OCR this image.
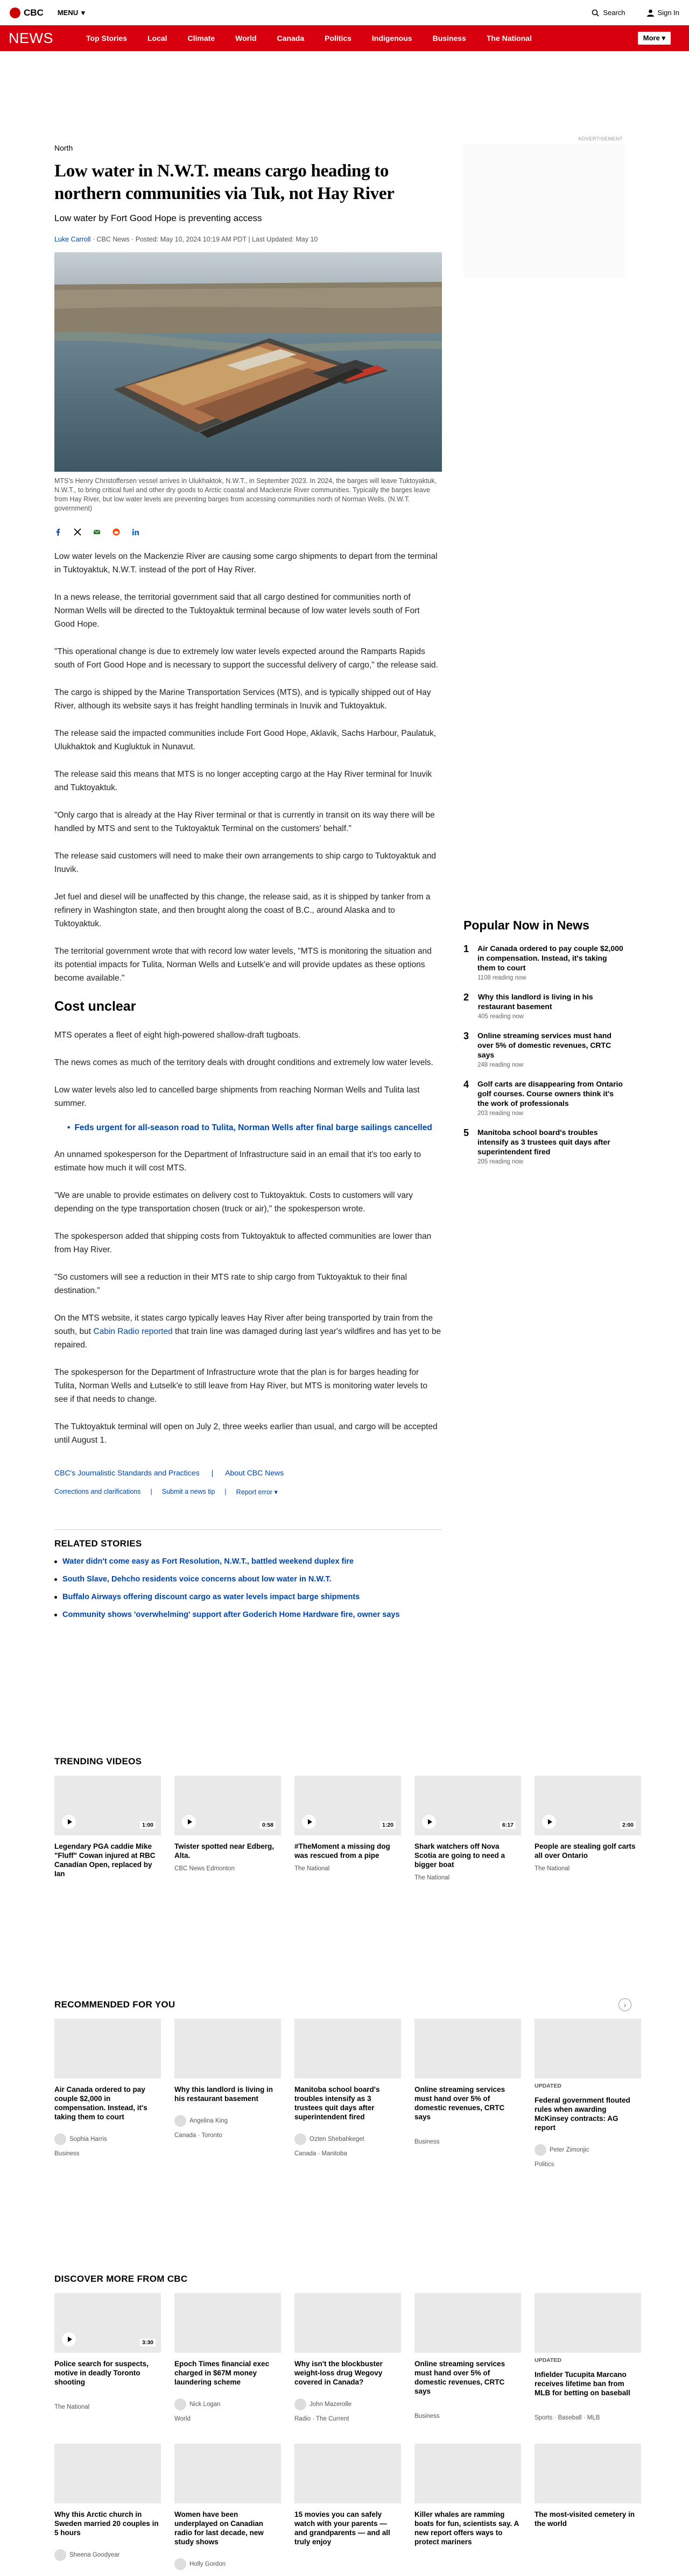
CBC MENU ▾	Search	Sign In
NEWS	Top Stories	Local	Climate	World	Canada	Politics	Indigenous	Business	The National	More ▾
North
Low water in N.W.T. means cargo heading to northern communities via Tuk, not Hay River
Low water by Fort Good Hope is preventing access
Luke Carroll · CBC News · Posted: May 10, 2024 10:19 AM PDT | Last Updated: May 10
MTS's Henry Christoffersen vessel arrives in Ulukhaktok, N.W.T., in September 2023. In 2024, the barges will leave Tuktoyaktuk, N.W.T., to bring critical fuel and other dry goods to Arctic coastal and Mackenzie River communities. Typically the barges leave from Hay River, but low water levels are preventing barges from accessing communities north of Norman Wells. (N.W.T. government)

Low water levels on the Mackenzie River are causing some cargo shipments to depart from the terminal in Tuktoyaktuk, N.W.T. instead of the port of Hay River.

In a news release, the territorial government said that all cargo destined for communities north of Norman Wells will be directed to the Tuktoyaktuk terminal because of low water levels south of Fort Good Hope.

"This operational change is due to extremely low water levels expected around the Ramparts Rapids south of Fort Good Hope and is necessary to support the successful delivery of cargo," the release said.

The cargo is shipped by the Marine Transportation Services (MTS), and is typically shipped out of Hay River, although its website says it has freight handling terminals in Inuvik and Tuktoyaktuk.

The release said the impacted communities include Fort Good Hope, Aklavik, Sachs Harbour, Paulatuk, Ulukhaktok and Kugluktuk in Nunavut.

The release said this means that MTS is no longer accepting cargo at the Hay River terminal for Inuvik and Tuktoyaktuk.

"Only cargo that is already at the Hay River terminal or that is currently in transit on its way there will be handled by MTS and sent to the Tuktoyaktuk Terminal on the customers' behalf."

The release said customers will need to make their own arrangements to ship cargo to Tuktoyaktuk and Inuvik.

Jet fuel and diesel will be unaffected by this change, the release said, as it is shipped by tanker from a refinery in Washington state, and then brought along the coast of B.C., around Alaska and to Tuktoyaktuk.

The territorial government wrote that with record low water levels, "MTS is monitoring the situation and its potential impacts for Tulita, Norman Wells and Łutselk'e and will provide updates as these options become available."

Cost unclear

MTS operates a fleet of eight high-powered shallow-draft tugboats.

The news comes as much of the territory deals with drought conditions and extremely low water levels.

Low water levels also led to cancelled barge shipments from reaching Norman Wells and Tulita last summer.

• Feds urgent for all-season road to Tulita, Norman Wells after final barge sailings cancelled

An unnamed spokesperson for the Department of Infrastructure said in an email that it's too early to estimate how much it will cost MTS.

"We are unable to provide estimates on delivery cost to Tuktoyaktuk. Costs to customers will vary depending on the type transportation chosen (truck or air)," the spokesperson wrote.

The spokesperson added that shipping costs from Tuktoyaktuk to affected communities are lower than from Hay River.

"So customers will see a reduction in their MTS rate to ship cargo from Tuktoyaktuk to their final destination."

On the MTS website, it states cargo typically leaves Hay River after being transported by train from the south, but Cabin Radio reported that train line was damaged during last year's wildfires and has yet to be repaired.

The spokesperson for the Department of Infrastructure wrote that the plan is for barges heading for Tulita, Norman Wells and Łutselk'e to still leave from Hay River, but MTS is monitoring water levels to see if that needs to change.

The Tuktoyaktuk terminal will open on July 2, three weeks earlier than usual, and cargo will be accepted until August 1.

CBC's Journalistic Standards and Practices | About CBC News
Corrections and clarifications | Submit a news tip | Report error ▾
RELATED STORIES
Water didn't come easy as Fort Resolution, N.W.T., battled weekend duplex fire
South Slave, Dehcho residents voice concerns about low water in N.W.T.
Buffalo Airways offering discount cargo as water levels impact barge shipments
Community shows 'overwhelming' support after Goderich Home Hardware fire, owner says
ADVERTISEMENT
Popular Now in News
1 Air Canada ordered to pay couple $2,000 in compensation. Instead, it's taking them to court
1108 reading now
2 Why this landlord is living in his restaurant basement
405 reading now
3 Online streaming services must hand over 5% of domestic revenues, CRTC says
248 reading now
4 Golf carts are disappearing from Ontario golf courses. Course owners think it's the work of professionals
203 reading now
5 Manitoba school board's troubles intensify as 3 trustees quit days after superintendent fired
205 reading now
TRENDING VIDEOS
1:00
Legendary PGA caddie Mike "Fluff" Cowan injured at RBC Canadian Open, replaced by Ian
0:58
Twister spotted near Edberg, Alta.
CBC News Edmonton
1:20
#TheMoment a missing dog was rescued from a pipe
The National
6:17
Shark watchers off Nova Scotia are going to need a bigger boat
The National
2:00
People are stealing golf carts all over Ontario
The National
RECOMMENDED FOR YOU	›
Air Canada ordered to pay couple $2,000 in compensation. Instead, it's taking them to court
Sophia Harris
Business
Why this landlord is living in his restaurant basement
Angelina King
Canada · Toronto
Manitoba school board's troubles intensify as 3 trustees quit days after superintendent fired
Ozten Shebahkeget
Canada · Manitoba
Online streaming services must hand over 5% of domestic revenues, CRTC says
Business
UPDATED
Federal government flouted rules when awarding McKinsey contracts: AG report
Peter Zimonjic
Politics
DISCOVER MORE FROM CBC
3:30
Police search for suspects, motive in deadly Toronto shooting
The National
Epoch Times financial exec charged in $67M money laundering scheme
Nick Logan
World
Why isn't the blockbuster weight-loss drug Wegovy covered in Canada?
John Mazerolle
Radio · The Current
Online streaming services must hand over 5% of domestic revenues, CRTC says
Business
UPDATED
Infielder Tucupita Marcano receives lifetime ban from MLB for betting on baseball
Sports · Baseball · MLB
Why this Arctic church in Sweden married 20 couples in 5 hours
Sheena Goodyear
Women have been underplayed on Canadian radio for last decade, new study shows
Holly Gordon
15 movies you can safely watch with your parents — and grandparents — and all truly enjoy
Killer whales are ramming boats for fun, scientists say. A new report offers ways to protect mariners
The most-visited cemetery in the world
